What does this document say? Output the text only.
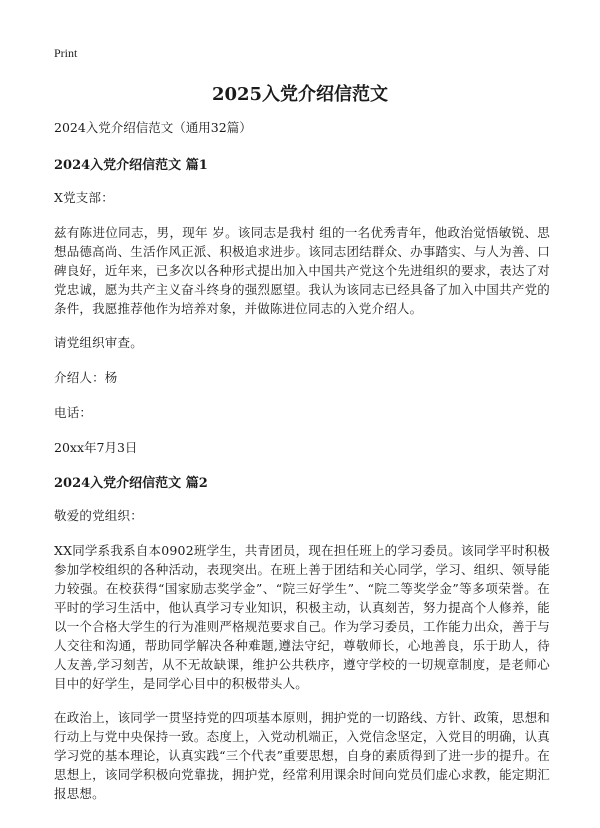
Print
2025入党介绍信范文

2024入党介绍信范文（通用32篇）

2024入党介绍信范文 篇1

X党支部：

兹有陈进位同志，男，现年 岁。该同志是我村 组的一名优秀青年，他政治觉悟敏锐、思想品德高尚、生活作风正派、积极追求进步。该同志团结群众、办事踏实、与人为善、口碑良好，近年来，已多次以各种形式提出加入中国共产党这个先进组织的要求，表达了对党忠诚，愿为共产主义奋斗终身的强烈愿望。我认为该同志已经具备了加入中国共产党的条件，我愿推荐他作为培养对象，并做陈进位同志的入党介绍人。

请党组织审查。

介绍人：杨

电话：

20xx年7月3日

2024入党介绍信范文 篇2

敬爱的党组织：

XX同学系我系自本0902班学生，共青团员，现在担任班上的学习委员。该同学平时积极参加学校组织的各种活动，表现突出。在班上善于团结和关心同学，学习、组织、领导能力较强。在校获得“国家励志奖学金”、“院三好学生”、“院二等奖学金”等多项荣誉。在平时的学习生活中，他认真学习专业知识，积极主动，认真刻苦，努力提高个人修养，能以一个合格大学生的行为准则严格规范要求自己。作为学习委员，工作能力出众，善于与人交往和沟通，帮助同学解决各种难题,遵法守纪，尊敬师长，心地善良，乐于助人，待人友善,学习刻苦，从不无故缺课，维护公共秩序，遵守学校的一切规章制度，是老师心目中的好学生，是同学心目中的积极带头人。

在政治上，该同学一贯坚持党的四项基本原则，拥护党的一切路线、方针、政策，思想和行动上与党中央保持一致。态度上，入党动机端正，入党信念坚定，入党目的明确，认真学习党的基本理论，认真实践“三个代表”重要思想，自身的素质得到了进一步的提升。在思想上，该同学积极向党靠拢，拥护党，经常利用课余时间向党员们虚心求教，能定期汇报思想。
